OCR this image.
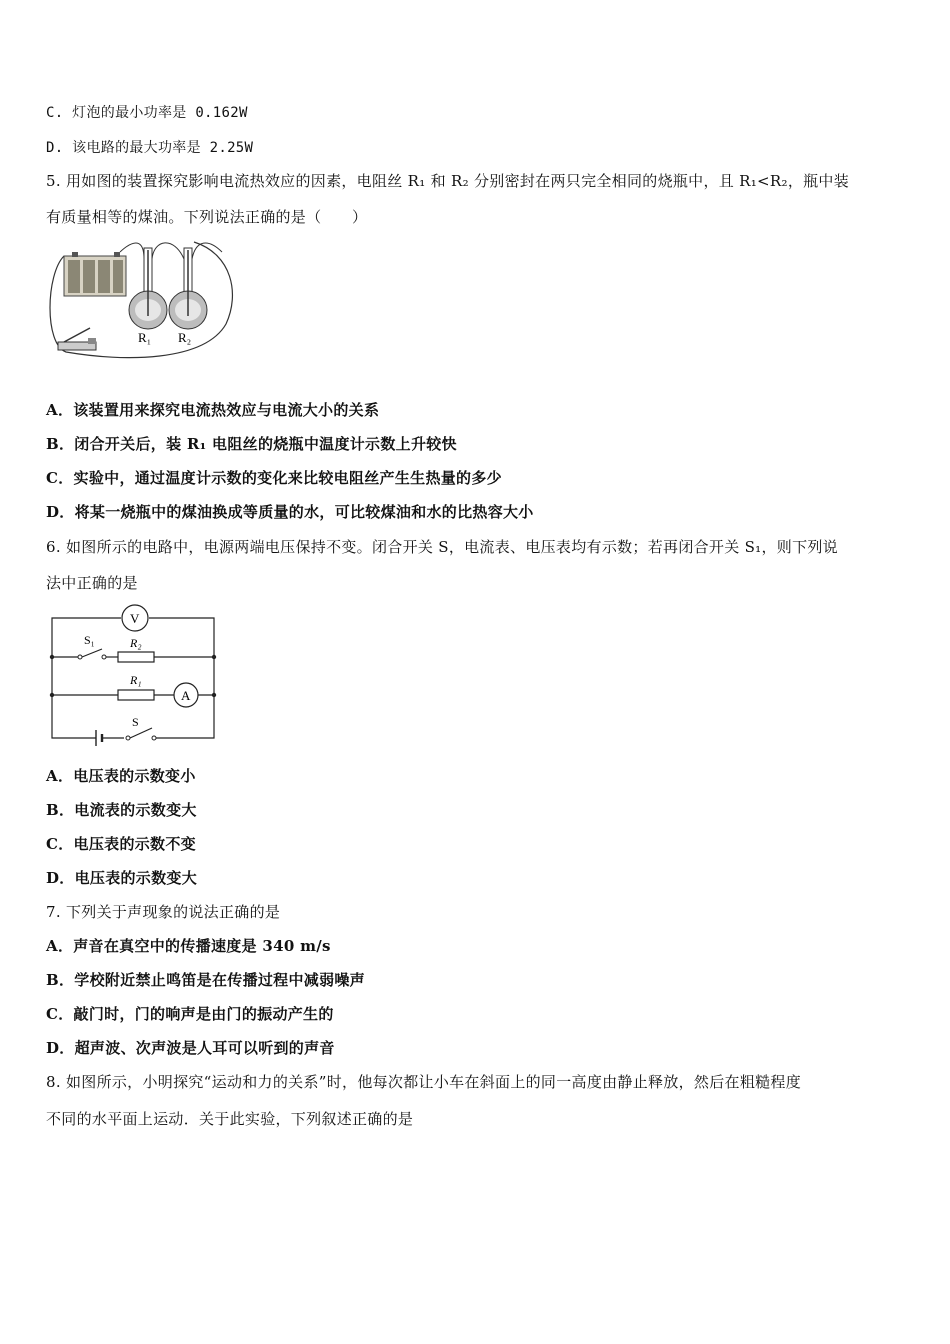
C. 灯泡的最小功率是 0.162W
D. 该电路的最大功率是 2.25W
5. 用如图的装置探究影响电流热效应的因素，电阻丝 R₁ 和 R₂ 分别密封在两只完全相同的烧瓶中，且 R₁<R₂，瓶中装
有质量相等的煤油。下列说法正确的是（　　）
R₁ R₂
A．该装置用来探究电流热效应与电流大小的关系
B．闭合开关后，装 R₁ 电阻丝的烧瓶中温度计示数上升较快
C．实验中，通过温度计示数的变化来比较电阻丝产生生热量的多少
D．将某一烧瓶中的煤油换成等质量的水，可比较煤油和水的比热容大小
6. 如图所示的电路中，电源两端电压保持不变。闭合开关 S，电流表、电压表均有示数；若再闭合开关 S₁，则下列说
法中正确的是
V
A
S₁	R₂
R₁
S
A．电压表的示数变小
B．电流表的示数变大
C．电压表的示数不变
D．电压表的示数变大
7. 下列关于声现象的说法正确的是
A．声音在真空中的传播速度是 340 m/s
B．学校附近禁止鸣笛是在传播过程中减弱噪声
C．敲门时，门的响声是由门的振动产生的
D．超声波、次声波是人耳可以听到的声音
8. 如图所示，小明探究“运动和力的关系”时，他每次都让小车在斜面上的同一高度由静止释放，然后在粗糙程度
不同的水平面上运动．关于此实验，下列叙述正确的是
